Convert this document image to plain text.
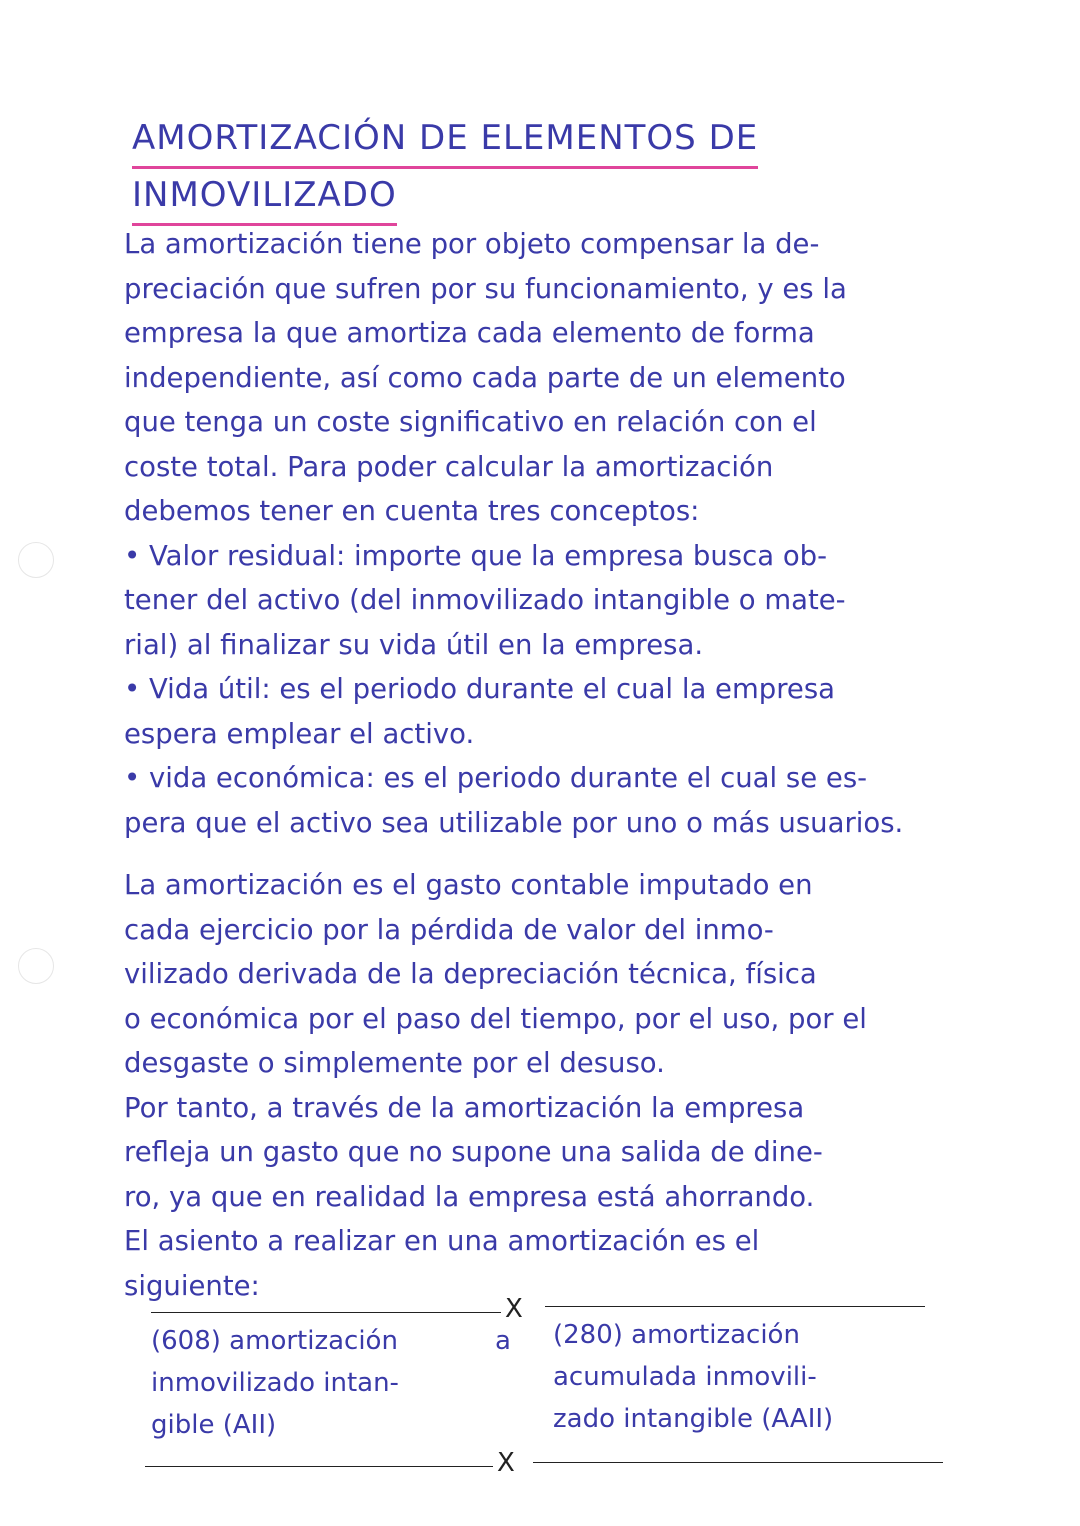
AMORTIZACIÓN DE ELEMENTOS DE
INMOVILIZADO

La amortización tiene por objeto compensar la de-

preciación que sufren por su funcionamiento, y es la

empresa la que amortiza cada elemento de forma

independiente, así como cada parte de un elemento

que tenga un coste significativo en relación con el

coste total. Para poder calcular la amortización

debemos tener en cuenta tres conceptos:

• Valor residual: importe que la empresa busca ob-

tener del activo (del inmovilizado intangible o mate-

rial) al finalizar su vida útil en la empresa.

• Vida útil: es el periodo durante el cual la empresa

espera emplear el activo.

• vida económica: es el periodo durante el cual se es-

pera que el activo sea utilizable por uno o más usuarios.

La amortización es el gasto contable imputado en

cada ejercicio por la pérdida de valor del inmo-

vilizado derivada de la depreciación técnica, física

o económica por el paso del tiempo, por el uso, por el

desgaste o simplemente por el desuso.

Por tanto, a través de la amortización la empresa

refleja un gasto que no supone una salida de dine-

ro, ya que en realidad la empresa está ahorrando.

El asiento a realizar en una amortización es el

siguiente:

X
(608) amortización
inmovilizado intan-
gible (AII)
a (280) amortización
acumulada inmovili-
zado intangible (AAII)
X
